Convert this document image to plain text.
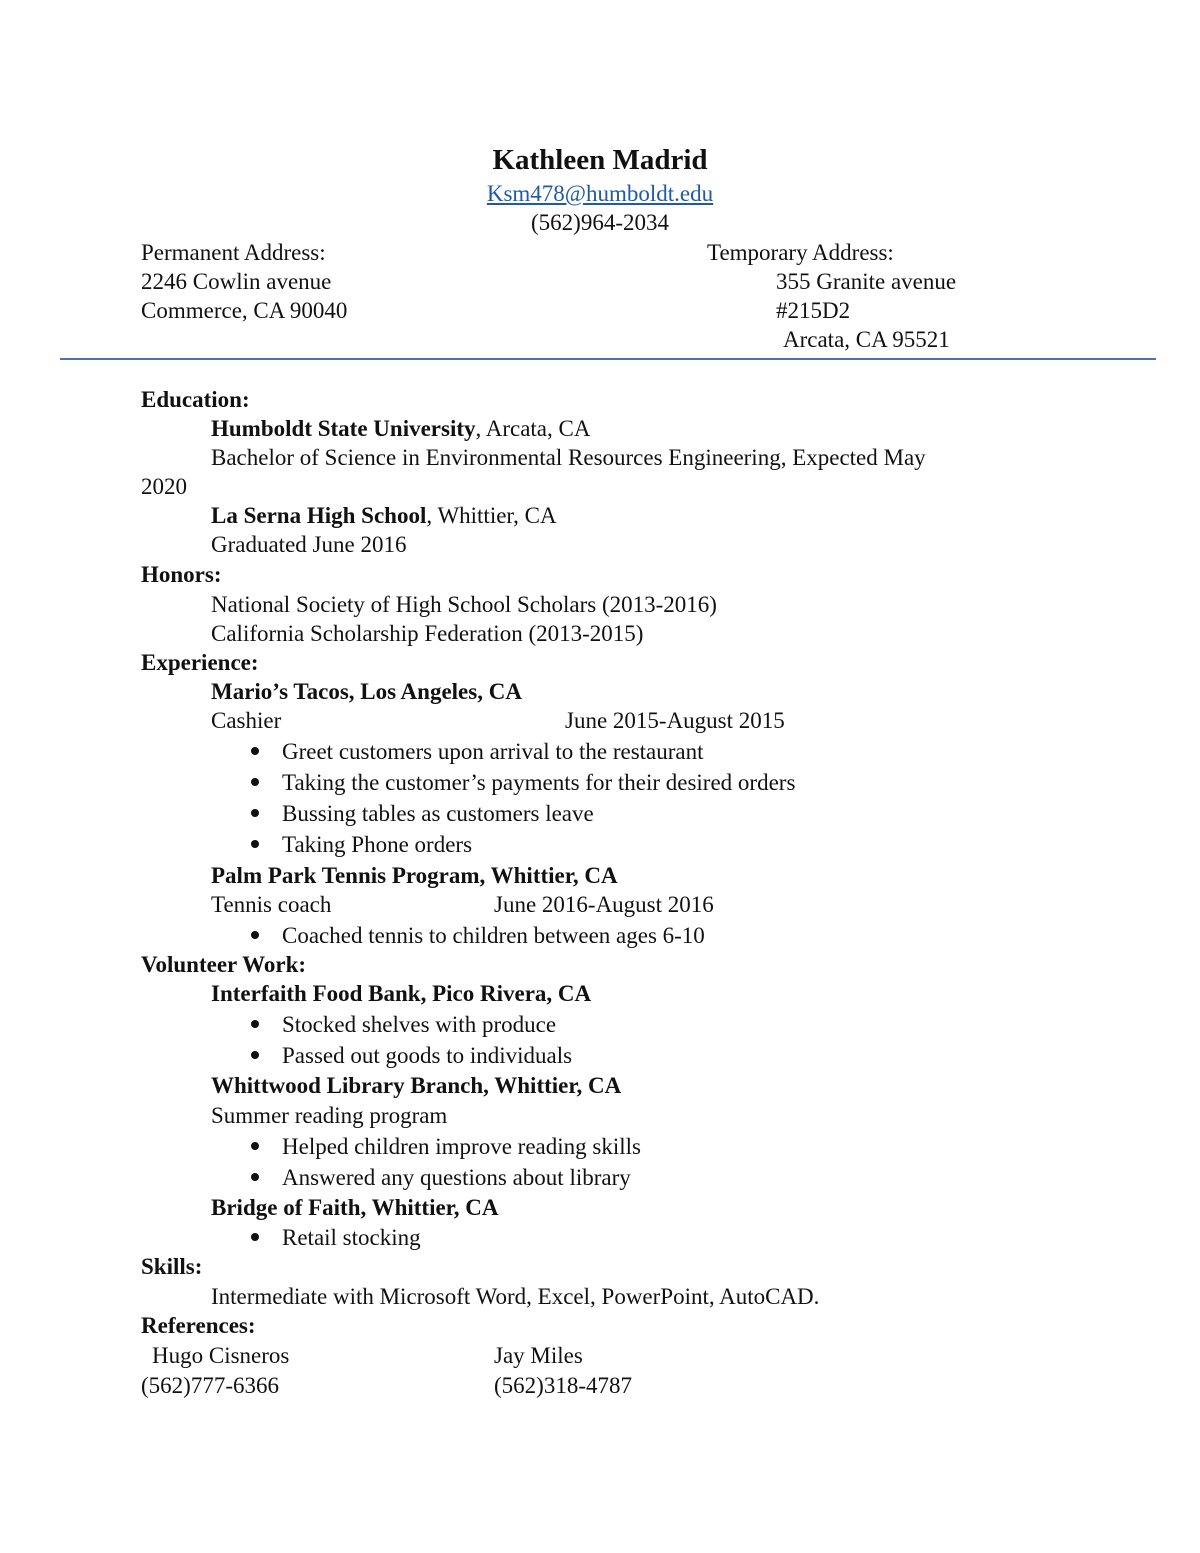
Kathleen Madrid
Ksm478@humboldt.edu
(562)964-2034
Permanent Address:
2246 Cowlin avenue
Commerce, CA 90040
Temporary Address:
355 Granite avenue
#215D2
Arcata, CA 95521
Education:
Humboldt State University, Arcata, CA
Bachelor of Science in Environmental Resources Engineering, Expected May
2020
La Serna High School, Whittier, CA
Graduated June 2016
Honors:
National Society of High School Scholars (2013-2016)
California Scholarship Federation (2013-2015)
Experience:
Mario’s Tacos, Los Angeles, CA
Cashier	June 2015-August 2015
Greet customers upon arrival to the restaurant
Taking the customer’s payments for their desired orders
Bussing tables as customers leave
Taking Phone orders
Palm Park Tennis Program, Whittier, CA
Tennis coach	June 2016-August 2016
Coached tennis to children between ages 6-10
Volunteer Work:
Interfaith Food Bank, Pico Rivera, CA
Stocked shelves with produce
Passed out goods to individuals
Whittwood Library Branch, Whittier, CA
Summer reading program
Helped children improve reading skills
Answered any questions about library
Bridge of Faith, Whittier, CA
Retail stocking
Skills:
Intermediate with Microsoft Word, Excel, PowerPoint, AutoCAD.
References:
Hugo Cisneros
(562)777-6366
Jay Miles
(562)318-4787
